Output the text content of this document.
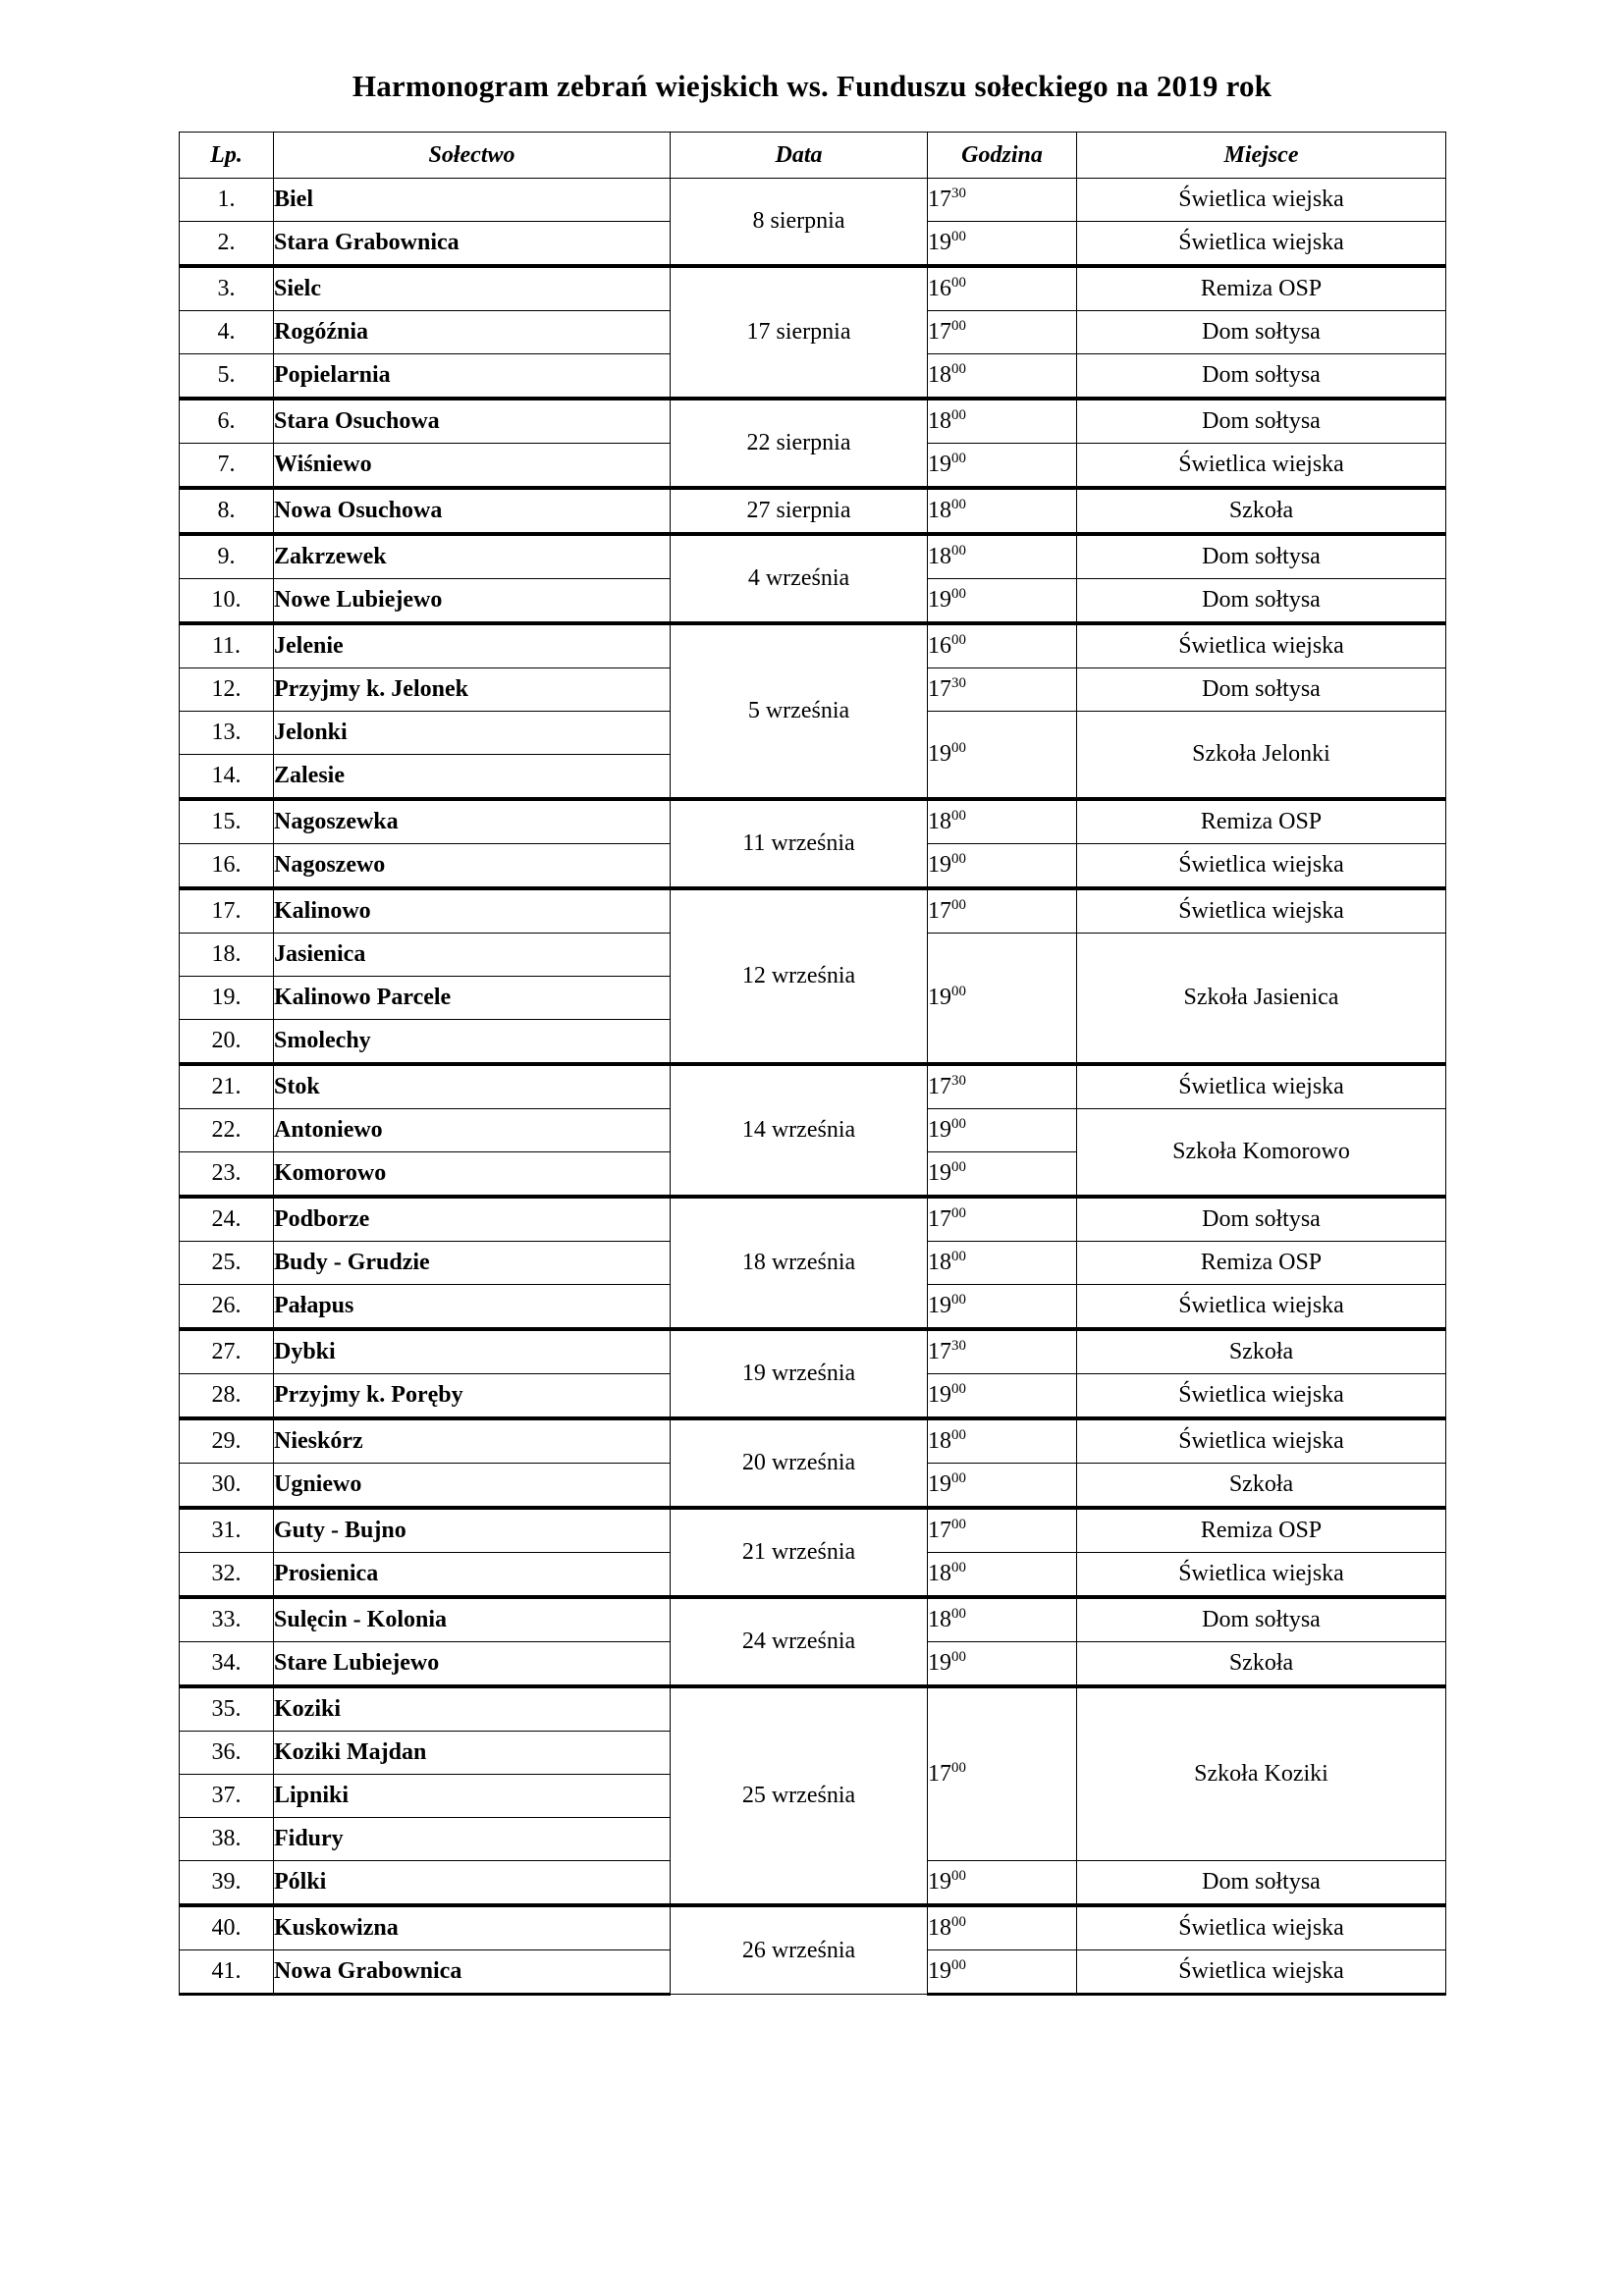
Harmonogram zebrań wiejskich ws. Funduszu sołeckiego na 2019 rok
Lp.	Sołectwo	Data	Godzina	Miejsce
1.	Biel	8 sierpnia	$17^{30}$	Świetlica wiejska
2.	Stara Grabownica		$19^{00}$	Świetlica wiejska
3.	Sielc	17 sierpnia	$16^{00}$	Remiza OSP
4.	Rogóźnia		$17^{00}$	Dom sołtysa
5.	Popielarnia		$18^{00}$	Dom sołtysa
6.	Stara Osuchowa	22 sierpnia	$18^{00}$	Dom sołtysa
7.	Wiśniewo		$19^{00}$	Świetlica wiejska
8.	Nowa Osuchowa	27 sierpnia	$18^{00}$	Szkoła
9.	Zakrzewek	4 września	$18^{00}$	Dom sołtysa
10.	Nowe Lubiejewo		$19^{00}$	Dom sołtysa
11.	Jelenie	5 września	$16^{00}$	Świetlica wiejska
12.	Przyjmy k. Jelonek		$17^{30}$	Dom sołtysa
13.	Jelonki		$19^{00}$	Szkoła Jelonki
14.	Zalesie			
15.	Nagoszewka	11 września	$18^{00}$	Remiza OSP
16.	Nagoszewo		$19^{00}$	Świetlica wiejska
17.	Kalinowo	12 września	$17^{00}$	Świetlica wiejska
18.	Jasienica		$19^{00}$	Szkoła Jasienica
19.	Kalinowo Parcele			
20.	Smolechy			
21.	Stok	14 września	$17^{30}$	Świetlica wiejska
22.	Antoniewo		$19^{00}$	Szkoła Komorowo
23.	Komorowo		$19^{00}$
24.	Podborze	18 września	$17^{00}$	Dom sołtysa
25.	Budy - Grudzie		$18^{00}$	Remiza OSP
26.	Pałapus		$19^{00}$	Świetlica wiejska
27.	Dybki	19 września	$17^{30}$	Szkoła
28.	Przyjmy k. Poręby		$19^{00}$	Świetlica wiejska
29.	Nieskórz	20 września	$18^{00}$	Świetlica wiejska
30.	Ugniewo		$19^{00}$	Szkoła
31.	Guty - Bujno	21 września	$17^{00}$	Remiza OSP
32.	Prosienica		$18^{00}$	Świetlica wiejska
33.	Sulęcin - Kolonia	24 września	$18^{00}$	Dom sołtysa
34.	Stare Lubiejewo		$19^{00}$	Szkoła
35.	Koziki	25 września	$17^{00}$	Szkoła Koziki
36.	Koziki Majdan			
37.	Lipniki			
38.	Fidury			
39.	Pólki		$19^{00}$	Dom sołtysa
40.	Kuskowizna	26 września	$18^{00}$	Świetlica wiejska
41.	Nowa Grabownica		$19^{00}$	Świetlica wiejska
